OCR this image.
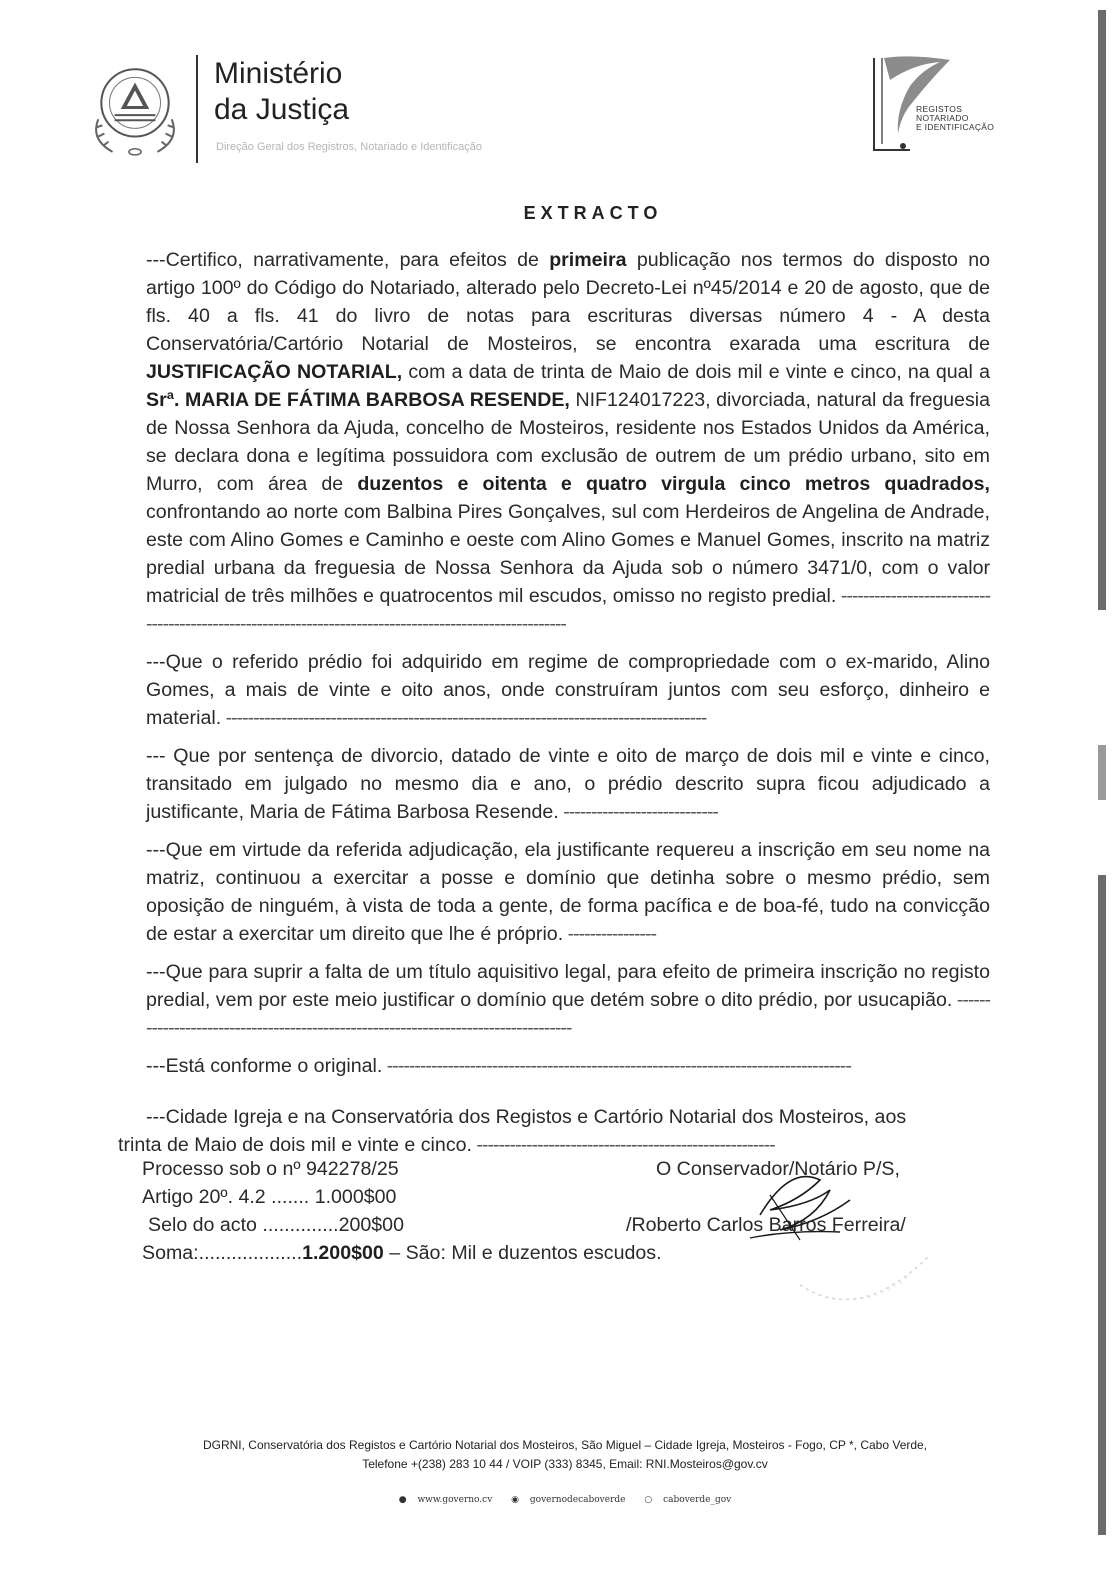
Ministério
da Justiça
Direção Geral dos Registros, Notariado e Identificação
REGISTOS
NOTARIADO
E IDENTIFICAÇÃO
EXTRACTO

---Certifico, narrativamente, para efeitos de primeira publicação nos termos do disposto no artigo 100º do Código do Notariado, alterado pelo Decreto-Lei nº45/2014 e 20 de agosto, que de fls. 40 a fls. 41 do livro de notas para escrituras diversas número 4 - A desta Conservatória/Cartório Notarial de Mosteiros, se encontra exarada uma escritura de JUSTIFICAÇÃO NOTARIAL, com a data de trinta de Maio de dois mil e vinte e cinco, na qual a Srª. MARIA DE FÁTIMA BARBOSA RESENDE, NIF124017223, divorciada, natural da freguesia de Nossa Senhora da Ajuda, concelho de Mosteiros, residente nos Estados Unidos da América, se declara dona e legítima possuidora com exclusão de outrem de um prédio urbano, sito em Murro, com área de duzentos e oitenta e quatro virgula cinco metros quadrados, confrontando ao norte com Balbina Pires Gonçalves, sul com Herdeiros de Angelina de Andrade, este com Alino Gomes e Caminho e oeste com Alino Gomes e Manuel Gomes, inscrito na matriz predial urbana da freguesia de Nossa Senhora da Ajuda sob o número 3471/0, com o valor matricial de três milhões e quatrocentos mil escudos, omisso no registo predial. -------------------------------------------------------------------------------------------------------

---Que o referido prédio foi adquirido em regime de compropriedade com o ex-marido, Alino Gomes, a mais de vinte e oito anos, onde construíram juntos com seu esforço, dinheiro e material. ---------------------------------------------------------------------------------------

--- Que por sentença de divorcio, datado de vinte e oito de março de dois mil e vinte e cinco, transitado em julgado no mesmo dia e ano, o prédio descrito supra ficou adjudicado a justificante, Maria de Fátima Barbosa Resende. ----------------------------

---Que em virtude da referida adjudicação, ela justificante requereu a inscrição em seu nome na matriz, continuou a exercitar a posse e domínio que detinha sobre o mesmo prédio, sem oposição de ninguém, à vista de toda a gente, de forma pacífica e de boa-fé, tudo na convicção de estar a exercitar um direito que lhe é próprio. ----------------

---Que para suprir a falta de um título aquisitivo legal, para efeito de primeira inscrição no registo predial, vem por este meio justificar o domínio que detém sobre o dito prédio, por usucapião. -----------------------------------------------------------------------------------

---Está conforme o original. ------------------------------------------------------------------------------------

---Cidade Igreja e na Conservatória dos Registos e Cartório Notarial dos Mosteiros, aos
trinta de Maio de dois mil e vinte e cinco. ------------------------------------------------------
Processo sob o nº 942278/25
Artigo 20º. 4.2 ....... 1.000$00
Selo do acto ..............200$00
Soma:...................1.200$00 – São: Mil e duzentos escudos.
O Conservador/Notário P/S,

/Roberto Carlos Barros Ferreira/
DGRNI, Conservatória dos Registos e Cartório Notarial dos Mosteiros, São Miguel – Cidade Igreja, Mosteiros - Fogo, CP *, Cabo Verde,
Telefone +(238) 283 10 44 / VOIP (333) 8345, Email: RNI.Mosteiros@gov.cv
● www.governo.cv ◉ governodecaboverde ○ caboverde_gov
